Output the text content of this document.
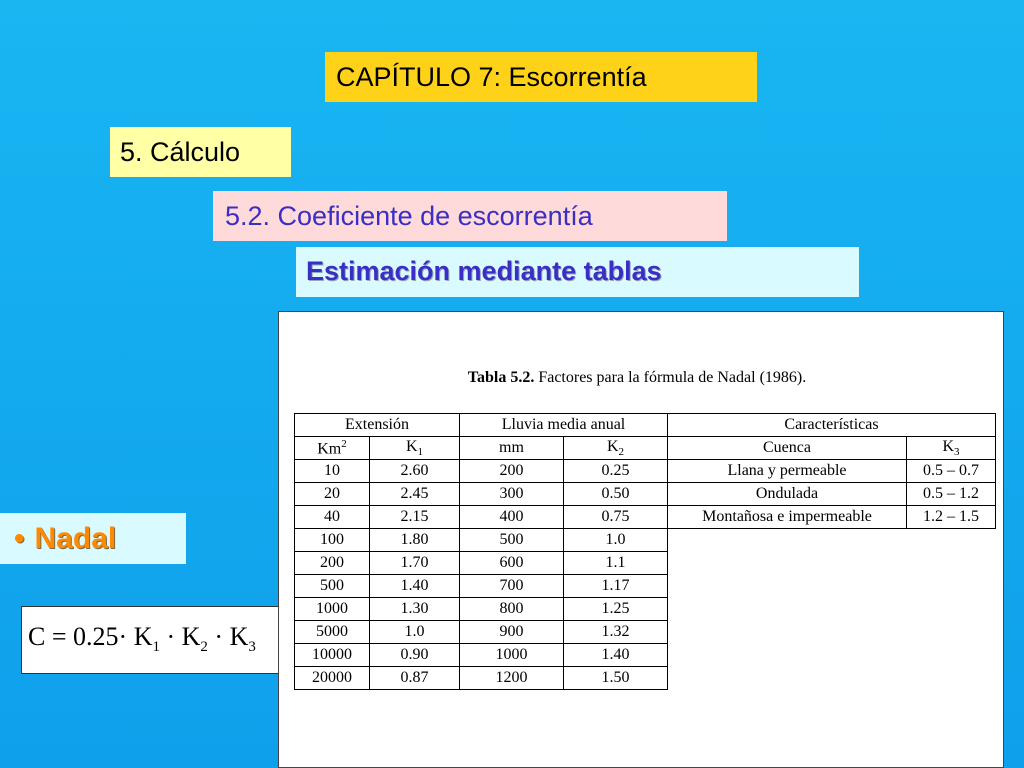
CAPÍTULO 7: Escorrentía
5. Cálculo
5.2. Coeficiente de escorrentía
Estimación mediante tablas
• Nadal
$C = 0.25\cdot K_1 \cdot K_2 \cdot K_3$
Tabla 5.2. Factores para la fórmula de Nadal (1986).
Extensión		Lluvia media anual		Características	
Km$^2$	$K_1$	mm	$K_2$	Cuenca	$K_3$
10	2.60	200	0.25	Llana y permeable	0.5 – 0.7
20	2.45	300	0.50	Ondulada	0.5 – 1.2
40	2.15	400	0.75	Montañosa e impermeable	1.2 – 1.5
100	1.80	500	1.0		
200	1.70	600	1.1		
500	1.40	700	1.17		
1000	1.30	800	1.25		
5000	1.0	900	1.32		
10000	0.90	1000	1.40		
20000	0.87	1200	1.50		
